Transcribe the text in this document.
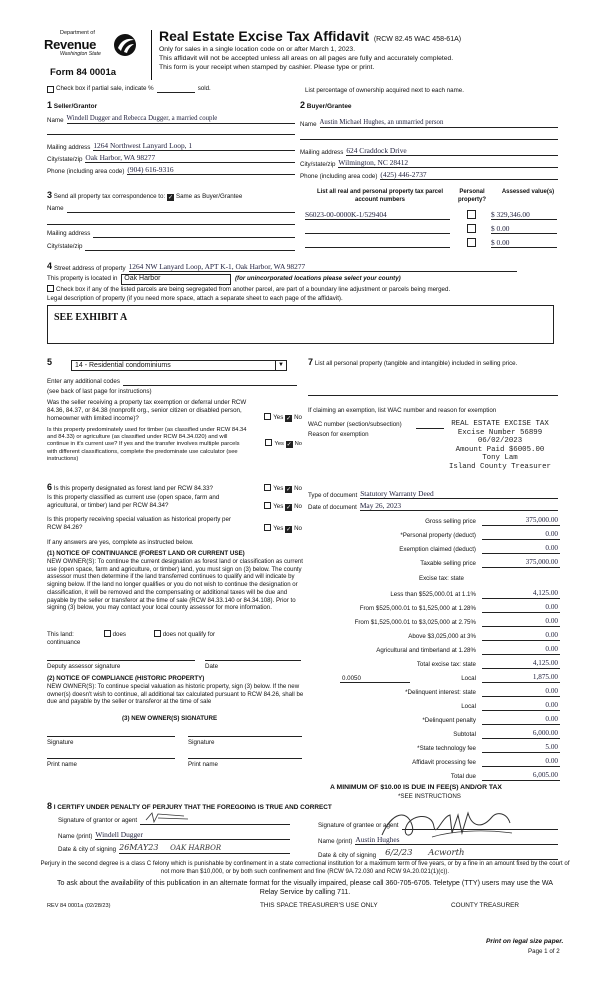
Department of
Revenue
Washington State
Form 84 0001a
Real Estate Excise Tax Affidavit (RCW 82.45 WAC 458-61A)
Only for sales in a single location code on or after March 1, 2023.
This affidavit will not be accepted unless all areas on all pages are fully and accurately completed.
This form is your receipt when stamped by cashier. Please type or print.
Check box if partial sale, indicate %	sold.	List percentage of ownership acquired next to each name.
1 Seller/Grantor
Name Windell Dugger and Rebecca Dugger, a married couple
Mailing address 1264 Northwest Lanyard Loop, 1
City/state/zip Oak Harbor, WA 98277
Phone (including area code) (904) 616-9316
2 Buyer/Grantee
Name Austin Michael Hughes, an unmarried person
Mailing address 624 Craddock Drive
City/state/zip Wilmington, NC 28412
Phone (including area code) (425) 446-2737
3 Send all property tax correspondence to: ✓ Same as Buyer/Grantee
Name
Mailing address
City/state/zip
List all real and personal property tax parcel account numbers
Personal property?
Assessed value(s)
S6023-00-0000K-1/529404	$ 329,346.00
$ 0.00
$ 0.00
4 Street address of property 1264 NW Lanyard Loop, APT K-1, Oak Harbor, WA 98277
This property is located in Oak Harbor	(for unincorporated locations please select your county)
Check box if any of the listed parcels are being segregated from another parcel, are part of a boundary line adjustment or parcels being merged.
Legal description of property (if you need more space, attach a separate sheet to each page of the affidavit).
SEE EXHIBIT A
5	14 - Residential condominiums	▼
Enter any additional codes
(see back of last page for instructions)
Was the seller receiving a property tax exemption or deferral under RCW 84.36, 84.37, or 84.38 (nonprofit org., senior citizen or disabled person, homeowner with limited income)?	Yes ✓ No
Is this property predominately used for timber (as classified under RCW 84.34 and 84.33) or agriculture (as classified under RCW 84.34.020) and will continue in it's current use? If yes and the transfer involves multiple parcels with different classifications, complete the predominate use calculator (see instructions)
Yes ✓ No
6 Is this property designated as forest land per RCW 84.33?	Yes ✓ No
Is this property classified as current use (open space, farm and agricultural, or timber) land per RCW 84.34?	Yes ✓ No
Is this property receiving special valuation as historical property per RCW 84.26?	Yes ✓ No
If any answers are yes, complete as instructed below.
(1) NOTICE OF CONTINUANCE (FOREST LAND OR CURRENT USE)
NEW OWNER(S): To continue the current designation as forest land or classification as current use (open space, farm and agriculture, or timber) land, you must sign on (3) below. The county assessor must then determine if the land transferred continues to qualify and will indicate by signing below. If the land no longer qualifies or you do not wish to continue the designation or classification, it will be removed and the compensating or additional taxes will be due and payable by the seller or transferor at the time of sale (RCW 84.33.140 or 84.34.108). Prior to signing (3) below, you may contact your local county assessor for more information.
This land:	does	does not qualify for
continuance
Deputy assessor signature	Date
(2) NOTICE OF COMPLIANCE (HISTORIC PROPERTY)
NEW OWNER(S): To continue special valuation as historic property, sign (3) below. If the new owner(s) doesn't wish to continue, all additional tax calculated pursuant to RCW 84.26, shall be due and payable by the seller or transferor at the time of sale
(3) NEW OWNER(S) SIGNATURE
Signature	Signature
Print name	Print name
7 List all personal property (tangible and intangible) included in selling price.
If claiming an exemption, list WAC number and reason for exemption
WAC number (section/subsection)
Reason for exemption
REAL ESTATE EXCISE TAX
Excise Number 56899
06/02/2023
Amount Paid $6005.00
Tony Lam
Island County Treasurer
Type of document Statutory Warranty Deed
Date of document May 26, 2023
Gross selling price	375,000.00
*Personal property (deduct)	0.00
Exemption claimed (deduct)	0.00
Taxable selling price	375,000.00
Excise tax: state
Less than $525,000.01 at 1.1%	4,125.00
From $525,000.01 to $1,525,000 at 1.28%	0.00
From $1,525,000.01 to $3,025,000 at 2.75%	0.00
Above $3,025,000 at 3%	0.00
Agricultural and timberland at 1.28%	0.00
Total excise tax: state	4,125.00
0.0050	Local	1,875.00
*Delinquent interest: state	0.00
Local	0.00
*Delinquent penalty	0.00
Subtotal	6,000.00
*State technology fee	5.00
Affidavit processing fee	0.00
Total due	6,005.00
A MINIMUM OF $10.00 IS DUE IN FEE(S) AND/OR TAX
*SEE INSTRUCTIONS
8 I CERTIFY UNDER PENALTY OF PERJURY THAT THE FOREGOING IS TRUE AND CORRECT
Signature of grantor or agent
Name (print) Windell Dugger
Date & city of signing 26MAY23 OAK HARBOR
Signature of grantee or agent
Name (print) Austin Hughes
Date & city of signing	6/2/23 Acworth
Perjury in the second degree is a class C felony which is punishable by confinement in a state correctional institution for a maximum term of five years, or by a fine in an amount fixed by the court of not more than $10,000, or by both such confinement and fine (RCW 9A.72.030 and RCW 9A.20.021(1)(c)).
To ask about the availability of this publication in an alternate format for the visually impaired, please call 360-705-6705. Teletype (TTY) users may use the WA Relay Service by calling 711.
REV 84 0001a (02/28/23)	THIS SPACE TREASURER'S USE ONLY	COUNTY TREASURER
Print on legal size paper.
Page 1 of 2
